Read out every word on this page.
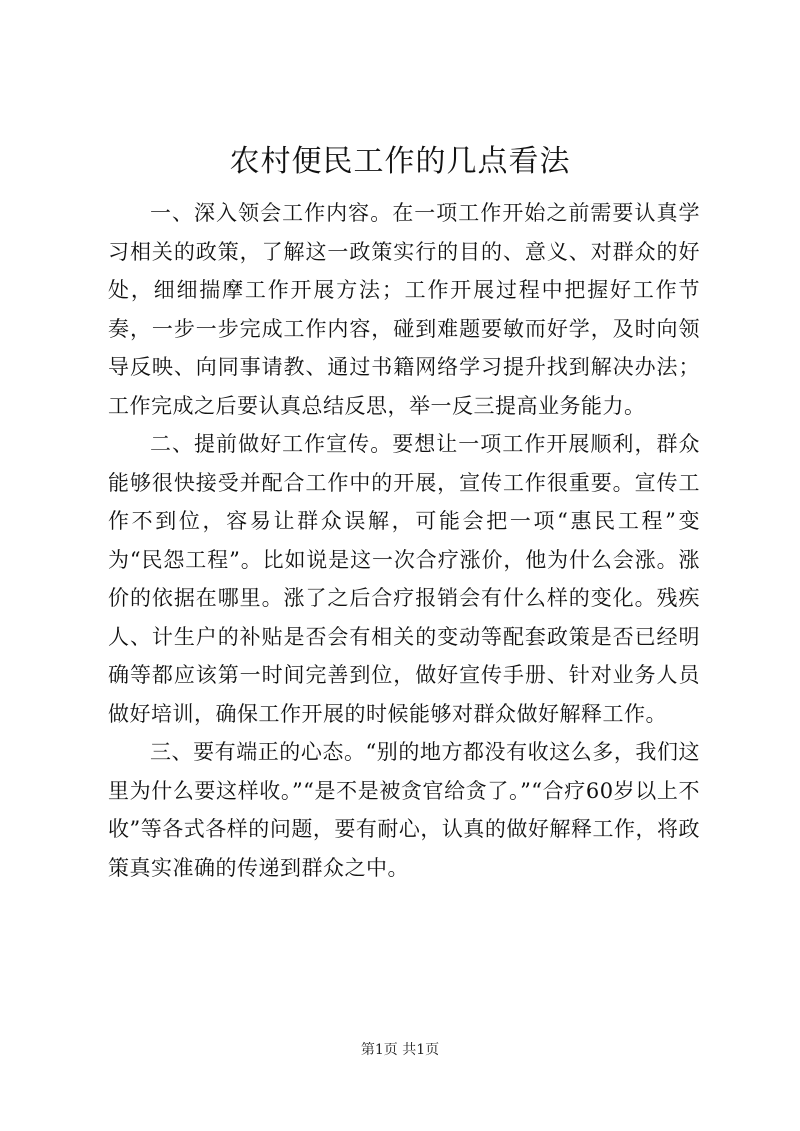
农村便民工作的几点看法

一、深入领会工作内容。在一项工作开始之前需要认真学习相关的政策，了解这一政策实行的目的、意义、对群众的好处，细细揣摩工作开展方法；工作开展过程中把握好工作节奏，一步一步完成工作内容，碰到难题要敏而好学，及时向领导反映、向同事请教、通过书籍网络学习提升找到解决办法；工作完成之后要认真总结反思，举一反三提高业务能力。

二、提前做好工作宣传。要想让一项工作开展顺利，群众能够很快接受并配合工作中的开展，宣传工作很重要。宣传工作不到位，容易让群众误解，可能会把一项“惠民工程”变为“民怨工程”。比如说是这一次合疗涨价，他为什么会涨。涨价的依据在哪里。涨了之后合疗报销会有什么样的变化。残疾人、计生户的补贴是否会有相关的变动等配套政策是否已经明确等都应该第一时间完善到位，做好宣传手册、针对业务人员做好培训，确保工作开展的时候能够对群众做好解释工作。

三、要有端正的心态。“别的地方都没有收这么多，我们这里为什么要这样收。”“是不是被贪官给贪了。”“合疗60岁以上不收”等各式各样的问题，要有耐心，认真的做好解释工作，将政策真实准确的传递到群众之中。

第1页 共1页
